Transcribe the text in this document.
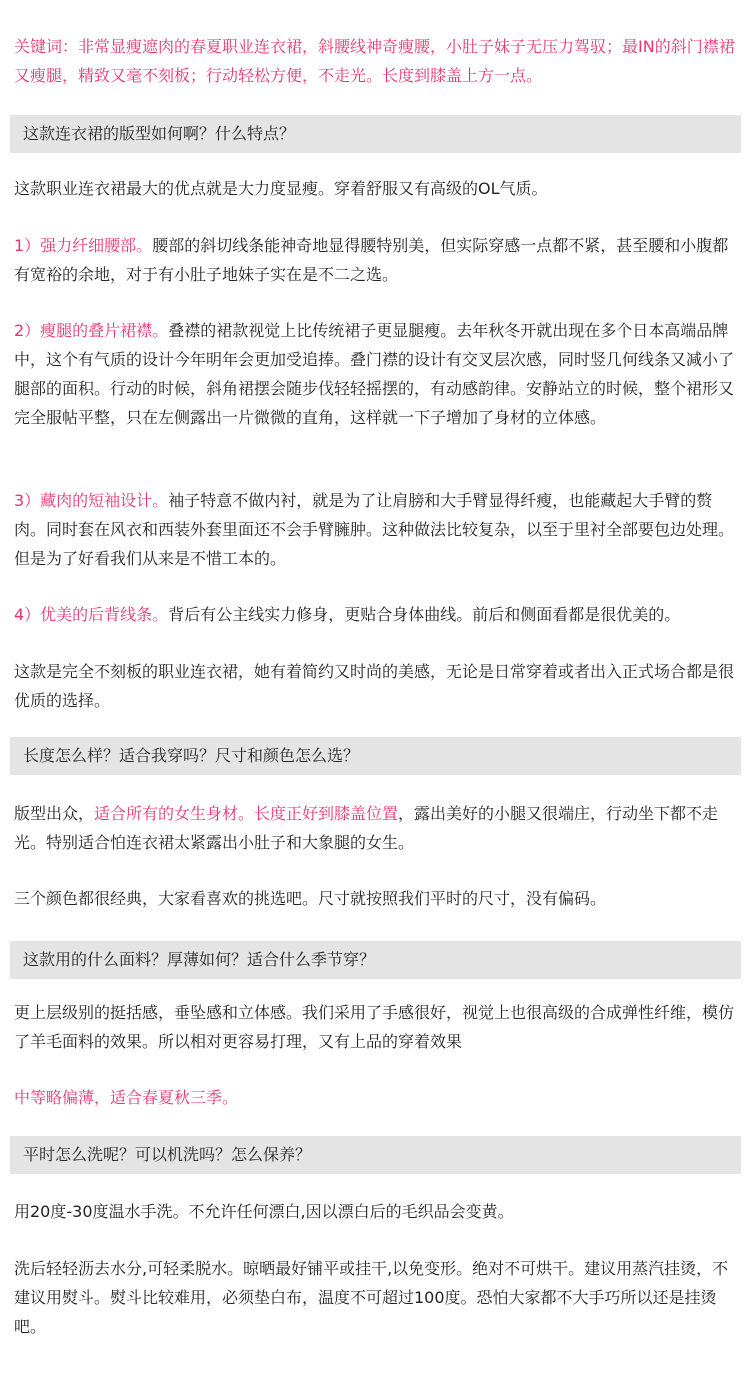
关键词：非常显瘦遮肉的春夏职业连衣裙，斜腰线神奇瘦腰，小肚子妹子无压力驾驭；最IN的斜门襟裙又瘦腿，精致又毫不刻板；行动轻松方便，不走光。长度到膝盖上方一点。

这款连衣裙的版型如何啊？什么特点？

这款职业连衣裙最大的优点就是大力度显瘦。穿着舒服又有高级的OL气质。

1）强力纤细腰部。腰部的斜切线条能神奇地显得腰特别美，但实际穿感一点都不紧，甚至腰和小腹都有宽裕的余地，对于有小肚子地妹子实在是不二之选。

2）瘦腿的叠片裙襟。叠襟的裙款视觉上比传统裙子更显腿瘦。去年秋冬开就出现在多个日本高端品牌中，这个有气质的设计今年明年会更加受追捧。叠门襟的设计有交叉层次感，同时竖几何线条又减小了腿部的面积。行动的时候，斜角裙摆会随步伐轻轻摇摆的，有动感韵律。安静站立的时候，整个裙形又完全服帖平整，只在左侧露出一片微微的直角，这样就一下子增加了身材的立体感。

3）藏肉的短袖设计。袖子特意不做内衬，就是为了让肩膀和大手臂显得纤瘦，也能藏起大手臂的赘肉。同时套在风衣和西装外套里面还不会手臂臃肿。这种做法比较复杂，以至于里衬全部要包边处理。但是为了好看我们从来是不惜工本的。

4）优美的后背线条。背后有公主线实力修身，更贴合身体曲线。前后和侧面看都是很优美的。

这款是完全不刻板的职业连衣裙，她有着简约又时尚的美感，无论是日常穿着或者出入正式场合都是很优质的选择。

长度怎么样？适合我穿吗？尺寸和颜色怎么选？

版型出众，适合所有的女生身材。长度正好到膝盖位置，露出美好的小腿又很端庄，行动坐下都不走光。特别适合怕连衣裙太紧露出小肚子和大象腿的女生。

三个颜色都很经典，大家看喜欢的挑选吧。尺寸就按照我们平时的尺寸，没有偏码。

这款用的什么面料？厚薄如何？适合什么季节穿？

更上层级别的挺括感，垂坠感和立体感。我们采用了手感很好，视觉上也很高级的合成弹性纤维，模仿了羊毛面料的效果。所以相对更容易打理，又有上品的穿着效果

中等略偏薄，适合春夏秋三季。

平时怎么洗呢？可以机洗吗？怎么保养？

用20度-30度温水手洗。不允许任何漂白,因以漂白后的毛织品会变黄。

洗后轻轻沥去水分,可轻柔脱水。晾晒最好铺平或挂干,以免变形。绝对不可烘干。建议用蒸汽挂烫，不建议用熨斗。熨斗比较难用，必须垫白布，温度不可超过100度。恐怕大家都不大手巧所以还是挂烫吧。
